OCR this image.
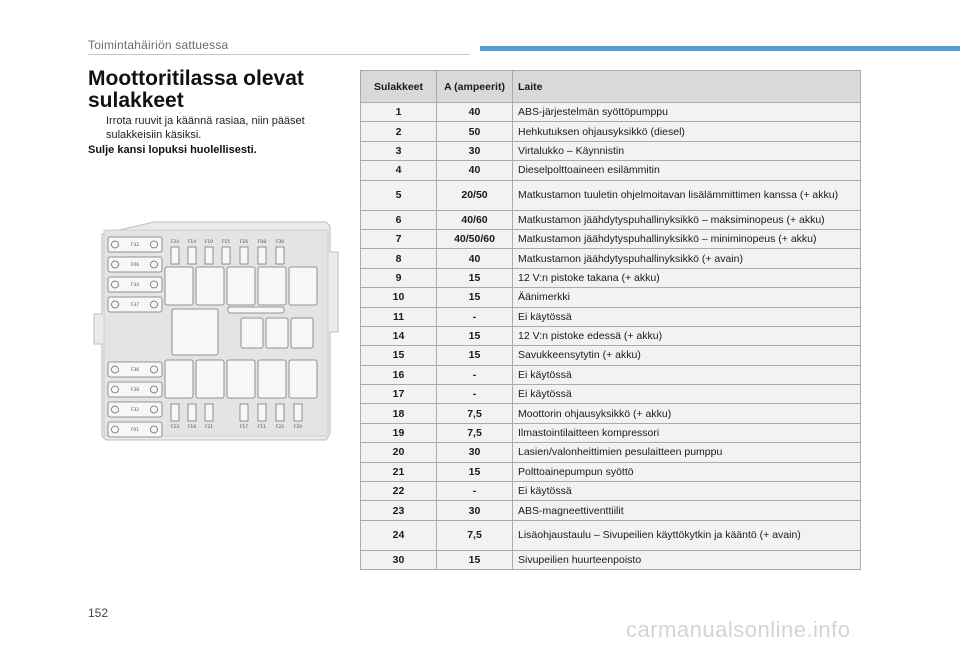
Toimintahäiriön sattuessa
Moottoritilassa olevat sulakkeet
Irrota ruuvit ja käännä rasiaa, niin pääset sulakkeisiin käsiksi.
Sulje kansi lopuksi huolellisesti.
F32
F06
F34
F37
F36
F38
F32
F01
F24 F14 F10 F15 F16 F08 F30
F23 F18 F21	F17 F11 F22 F20
Sulakkeet	A (ampeerit)	Laite
1	40	ABS-järjestelmän syöttöpumppu
2	50	Hehkutuksen ohjausyksikkö (diesel)
3	30	Virtalukko – Käynnistin
4	40	Dieselpolttoaineen esilämmitin
5	20/50	Matkustamon tuuletin ohjelmoitavan lisälämmittimen kanssa (+ akku)
6	40/60	Matkustamon jäähdytyspuhallinyksikkö – maksiminopeus (+ akku)
7	40/50/60	Matkustamon jäähdytyspuhallinyksikkö – miniminopeus (+ akku)
8	40	Matkustamon jäähdytyspuhallinyksikkö (+ avain)
9	15	12 V:n pistoke takana (+ akku)
10	15	Äänimerkki
11	-	Ei käytössä
14	15	12 V:n pistoke edessä (+ akku)
15	15	Savukkeensytytin (+ akku)
16	-	Ei käytössä
17	-	Ei käytössä
18	7,5	Moottorin ohjausyksikkö (+ akku)
19	7,5	Ilmastointilaitteen kompressori
20	30	Lasien/valonheittimien pesulaitteen pumppu
21	15	Polttoainepumpun syöttö
22	-	Ei käytössä
23	30	ABS-magneettiventtiilit
24	7,5	Lisäohjaustaulu – Sivupeilien käyttökytkin ja kääntö (+ avain)
30	15	Sivupeilien huurteenpoisto
152
carmanualsonline.info
